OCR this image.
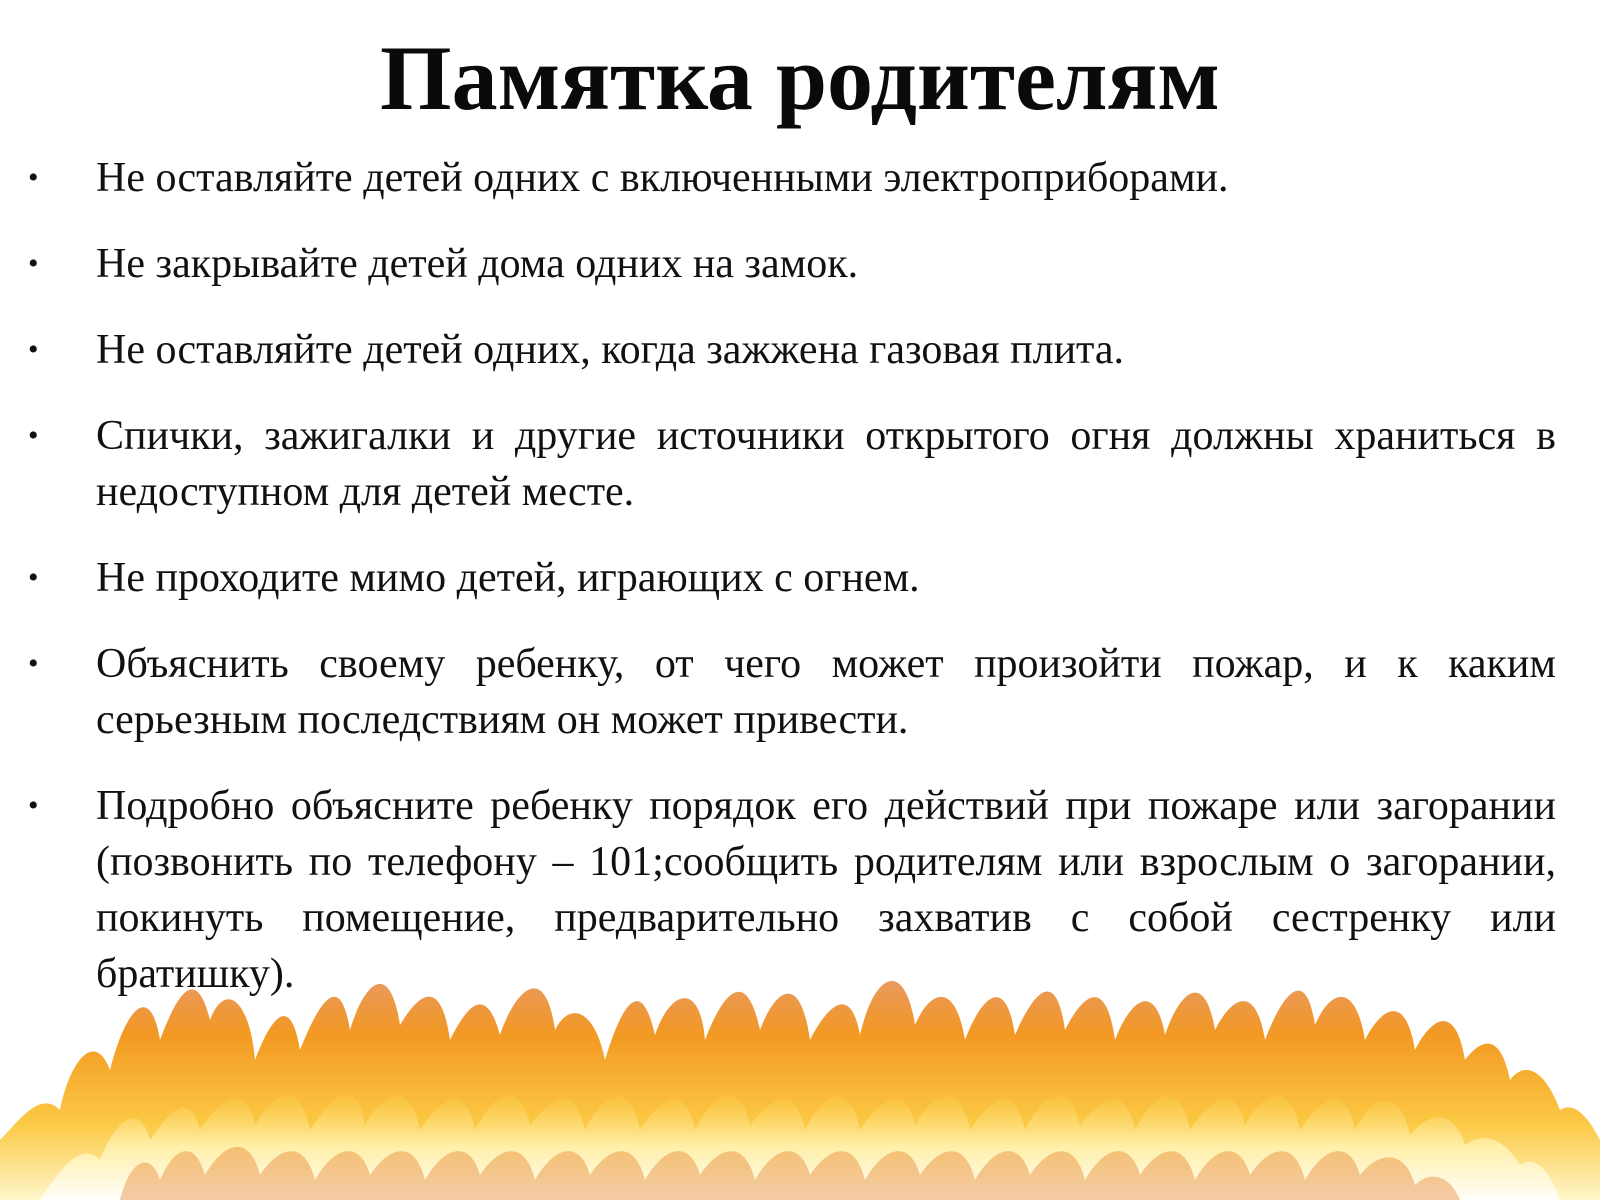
Памятка родителям
• Не оставляйте детей одних с включенными электроприборами.
• Не закрывайте детей дома одних на замок.
• Не оставляйте детей одних, когда зажжена газовая плита.
• Спички, зажигалки и другие источники открытого огня должны храниться в недоступном для детей месте.
• Не проходите мимо детей, играющих с огнем.
• Объяснить своему ребенку, от чего может произойти пожар, и к каким серьезным последствиям он может привести.
• Подробно объясните ребенку порядок его действий при пожаре или загорании (позвонить по телефону – 101;сообщить родителям или взрослым о загорании, покинуть помещение, предварительно захватив с собой сестренку или братишку).
